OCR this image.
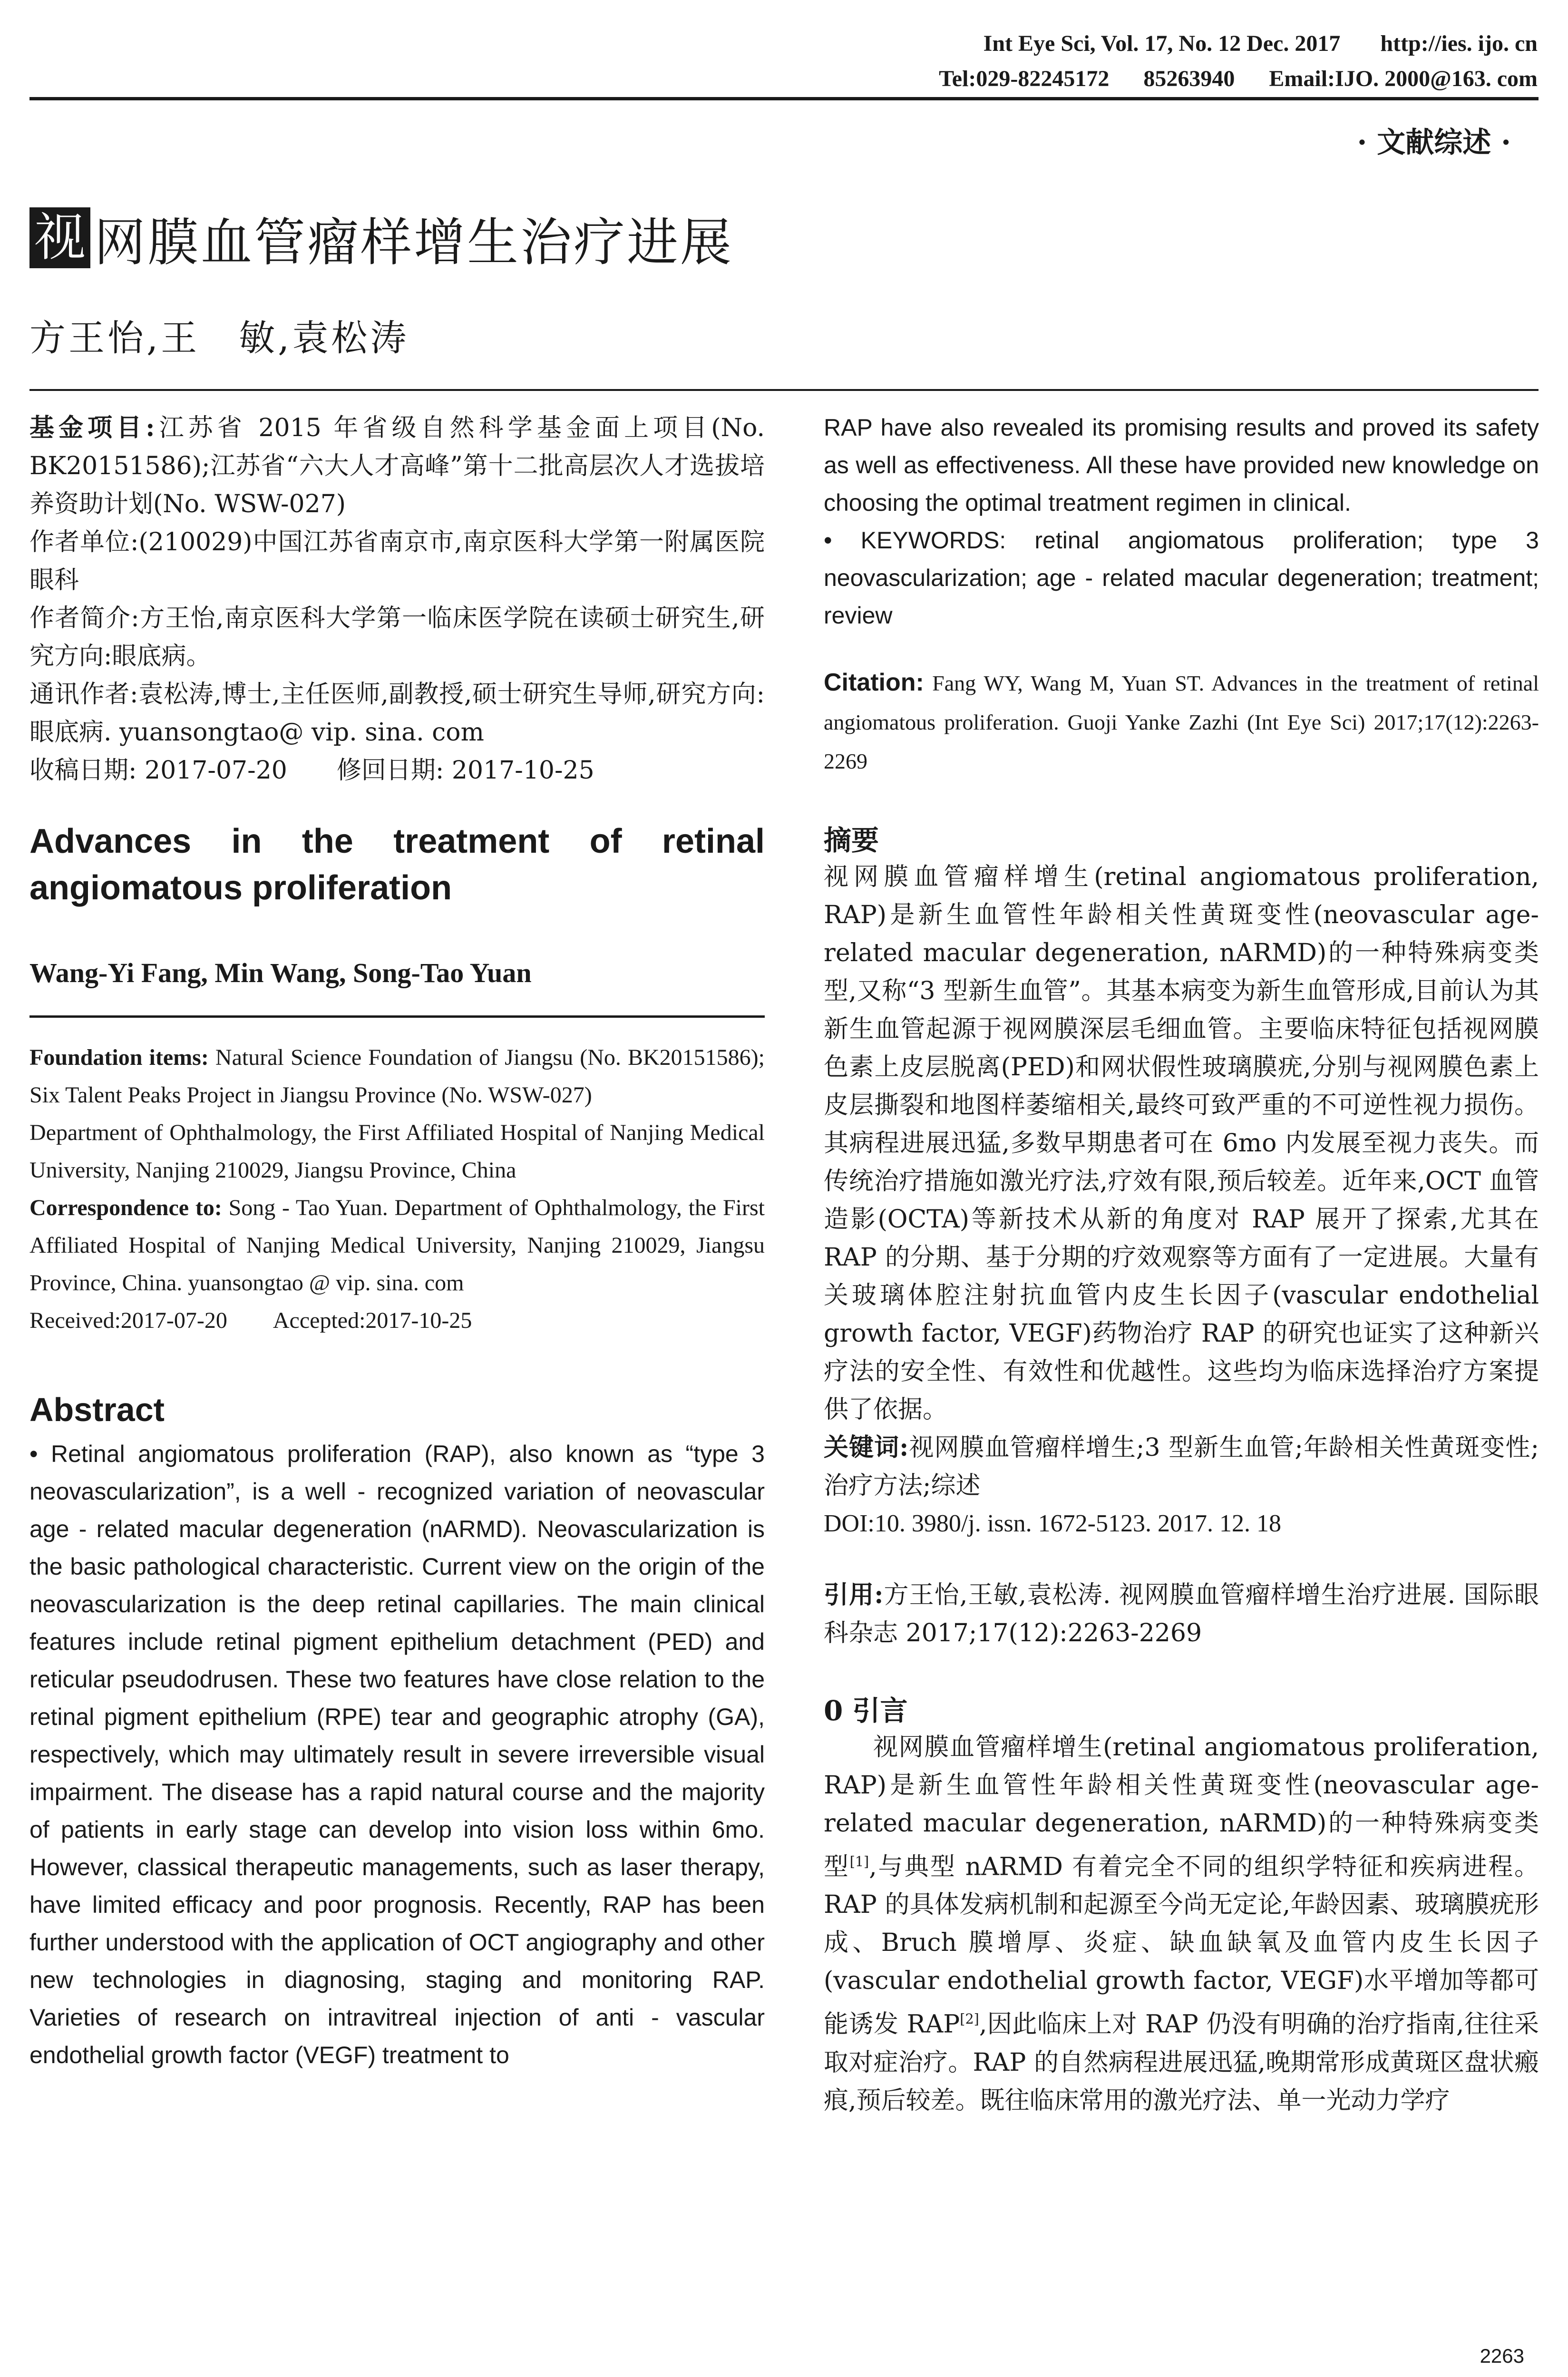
Int Eye Sci, Vol. 17, No. 12 Dec. 2017       http://ies. ijo. cn
Tel:029-82245172      85263940      Email:IJO. 2000@163. com
· 文献综述 ·
视 网膜血管瘤样增生治疗进展
方王怡,王　敏,袁松涛

基金项目:江苏省 2015 年省级自然科学基金面上项目(No. BK20151586);江苏省“六大人才高峰”第十二批高层次人才选拔培养资助计划(No. WSW-027)

作者单位:(210029)中国江苏省南京市,南京医科大学第一附属医院眼科

作者简介:方王怡,南京医科大学第一临床医学院在读硕士研究生,研究方向:眼底病。

通讯作者:袁松涛,博士,主任医师,副教授,硕士研究生导师,研究方向:眼底病. yuansongtao@ vip. sina. com

收稿日期: 2017-07-20　　修回日期: 2017-10-25

Advances in the treatment of retinal angiomatous proliferation
Wang-Yi Fang, Min Wang, Song-Tao Yuan

Foundation items: Natural Science Foundation of Jiangsu (No. BK20151586); Six Talent Peaks Project in Jiangsu Province (No. WSW-027)

Department of Ophthalmology, the First Affiliated Hospital of Nanjing Medical University, Nanjing 210029, Jiangsu Province, China

Correspondence to: Song - Tao Yuan. Department of Ophthalmology, the First Affiliated Hospital of Nanjing Medical University, Nanjing 210029, Jiangsu Province, China. yuansongtao @ vip. sina. com

Received:2017-07-20　　Accepted:2017-10-25

Abstract

• Retinal angiomatous proliferation (RAP), also known as “type 3 neovascularization”, is a well - recognized variation of neovascular age - related macular degeneration (nARMD). Neovascularization is the basic pathological characteristic. Current view on the origin of the neovascularization is the deep retinal capillaries. The main clinical features include retinal pigment epithelium detachment (PED) and reticular pseudodrusen. These two features have close relation to the retinal pigment epithelium (RPE) tear and geographic atrophy (GA), respectively, which may ultimately result in severe irreversible visual impairment. The disease has a rapid natural course and the majority of patients in early stage can develop into vision loss within 6mo. However, classical therapeutic managements, such as laser therapy, have limited efficacy and poor prognosis. Recently, RAP has been further understood with the application of OCT angiography and other new technologies in diagnosing, staging and monitoring RAP. Varieties of research on intravitreal injection of anti - vascular endothelial growth factor (VEGF) treatment to

RAP have also revealed its promising results and proved its safety as well as effectiveness. All these have provided new knowledge on choosing the optimal treatment regimen in clinical.

• KEYWORDS: retinal angiomatous proliferation; type 3 neovascularization; age - related macular degeneration; treatment; review

Citation: Fang WY, Wang M, Yuan ST. Advances in the treatment of retinal angiomatous proliferation. Guoji Yanke Zazhi (Int Eye Sci) 2017;17(12):2263-2269

摘要

视网膜血管瘤样增生(retinal angiomatous proliferation, RAP)是新生血管性年龄相关性黄斑变性(neovascular age-related macular degeneration, nARMD)的一种特殊病变类型,又称“3 型新生血管”。其基本病变为新生血管形成,目前认为其新生血管起源于视网膜深层毛细血管。主要临床特征包括视网膜色素上皮层脱离(PED)和网状假性玻璃膜疣,分别与视网膜色素上皮层撕裂和地图样萎缩相关,最终可致严重的不可逆性视力损伤。其病程进展迅猛,多数早期患者可在 6mo 内发展至视力丧失。而传统治疗措施如激光疗法,疗效有限,预后较差。近年来,OCT 血管造影(OCTA)等新技术从新的角度对 RAP 展开了探索,尤其在 RAP 的分期、基于分期的疗效观察等方面有了一定进展。大量有关玻璃体腔注射抗血管内皮生长因子(vascular endothelial growth factor, VEGF)药物治疗 RAP 的研究也证实了这种新兴疗法的安全性、有效性和优越性。这些均为临床选择治疗方案提供了依据。

关键词:视网膜血管瘤样增生;3 型新生血管;年龄相关性黄斑变性;治疗方法;综述

DOI:10. 3980/j. issn. 1672-5123. 2017. 12. 18

引用:方王怡,王敏,袁松涛. 视网膜血管瘤样增生治疗进展. 国际眼科杂志 2017;17(12):2263-2269

0 引言

视网膜血管瘤样增生(retinal angiomatous proliferation, RAP)是新生血管性年龄相关性黄斑变性(neovascular age-related macular degeneration, nARMD)的一种特殊病变类型[1],与典型 nARMD 有着完全不同的组织学特征和疾病进程。RAP 的具体发病机制和起源至今尚无定论,年龄因素、玻璃膜疣形成、Bruch 膜增厚、炎症、缺血缺氧及血管内皮生长因子(vascular endothelial growth factor, VEGF)水平增加等都可能诱发 RAP[2],因此临床上对 RAP 仍没有明确的治疗指南,往往采取对症治疗。RAP 的自然病程进展迅猛,晚期常形成黄斑区盘状瘢痕,预后较差。既往临床常用的激光疗法、单一光动力学疗

2263
